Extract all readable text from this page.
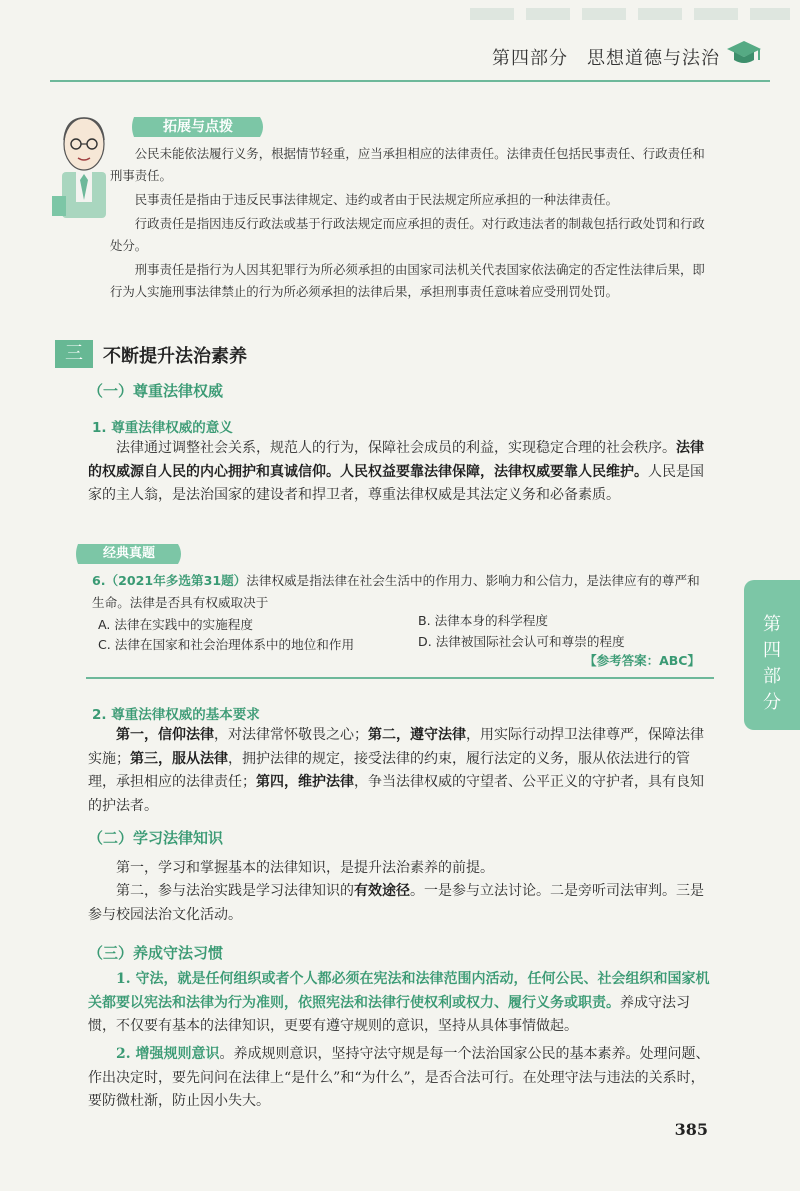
第四部分　思想道德与法治
拓展与点拨

公民未能依法履行义务，根据情节轻重，应当承担相应的法律责任。法律责任包括民事责任、行政责任和刑事责任。

民事责任是指由于违反民事法律规定、违约或者由于民法规定所应承担的一种法律责任。

行政责任是指因违反行政法或基于行政法规定而应承担的责任。对行政违法者的制裁包括行政处罚和行政处分。

刑事责任是指行为人因其犯罪行为所必须承担的由国家司法机关代表国家依法确定的否定性法律后果，即行为人实施刑事法律禁止的行为所必须承担的法律后果，承担刑事责任意味着应受刑罚处罚。

三	不断提升法治素养
（一）尊重法律权威
1. 尊重法律权威的意义
法律通过调整社会关系，规范人的行为，保障社会成员的利益，实现稳定合理的社会秩序。法律的权威源自人民的内心拥护和真诚信仰。人民权益要靠法律保障，法律权威要靠人民维护。人民是国家的主人翁，是法治国家的建设者和捍卫者，尊重法律权威是其法定义务和必备素质。
经典真题
6.（2021年多选第31题）法律权威是指法律在社会生活中的作用力、影响力和公信力，是法律应有的尊严和生命。法律是否具有权威取决于
A. 法律在实践中的实施程度	B. 法律本身的科学程度
C. 法律在国家和社会治理体系中的地位和作用	D. 法律被国际社会认可和尊崇的程度
【参考答案：ABC】
2. 尊重法律权威的基本要求
第一，信仰法律，对法律常怀敬畏之心；第二，遵守法律，用实际行动捍卫法律尊严，保障法律实施；第三，服从法律，拥护法律的规定，接受法律的约束，履行法定的义务，服从依法进行的管理，承担相应的法律责任；第四，维护法律，争当法律权威的守望者、公平正义的守护者，具有良知的护法者。
（二）学习法律知识
第一，学习和掌握基本的法律知识，是提升法治素养的前提。
第二，参与法治实践是学习法律知识的有效途径。一是参与立法讨论。二是旁听司法审判。三是参与校园法治文化活动。
（三）养成守法习惯
1. 守法，就是任何组织或者个人都必须在宪法和法律范围内活动，任何公民、社会组织和国家机关都要以宪法和法律为行为准则，依照宪法和法律行使权利或权力、履行义务或职责。养成守法习惯，不仅要有基本的法律知识，更要有遵守规则的意识，坚持从具体事情做起。
2. 增强规则意识。养成规则意识，坚持守法守规是每一个法治国家公民的基本素养。处理问题、作出决定时，要先问问在法律上“是什么”和“为什么”，是否合法可行。在处理守法与违法的关系时，要防微杜渐，防止因小失大。
第四部分
385
